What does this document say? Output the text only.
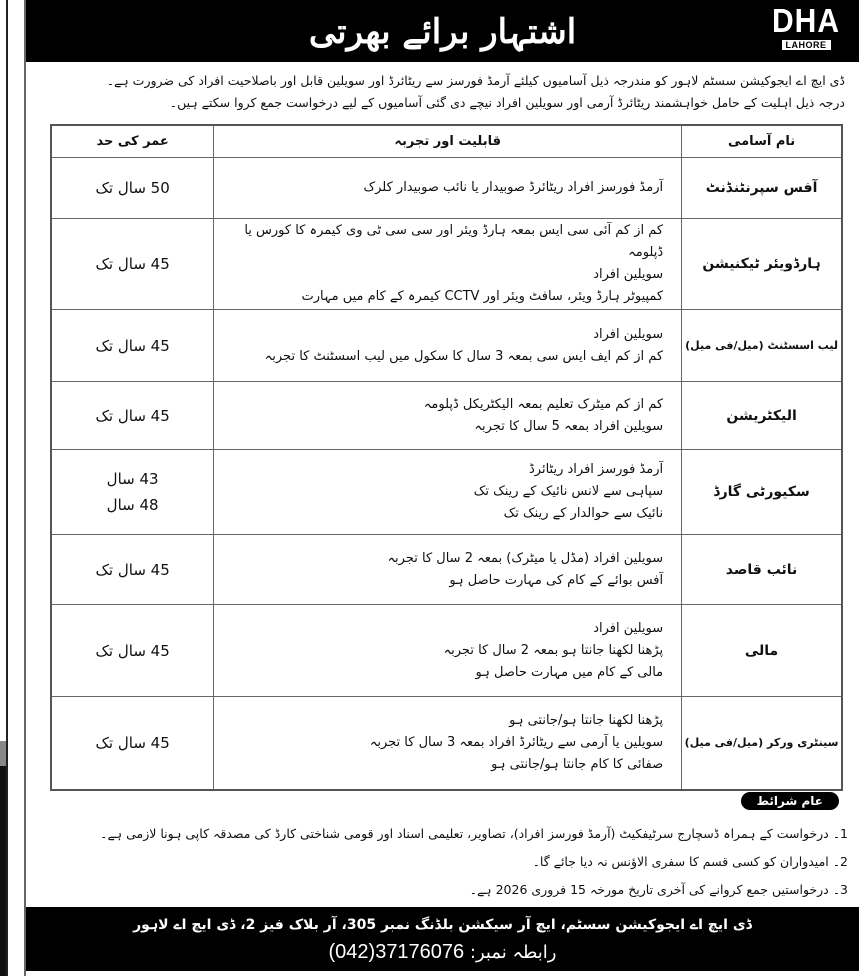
اشتہار برائے بھرتی	DHA
LAHORE

ڈی ایچ اے ایجوکیشن سسٹم لاہور کو مندرجہ ذیل آسامیوں کیلئے آرمڈ فورسز سے ریٹائرڈ اور سویلین قابل اور باصلاحیت افراد کی ضرورت ہے۔

درجہ ذیل اہلیت کے حامل خواہشمند ریٹائرڈ آرمی اور سویلین افراد نیچے دی گئی آسامیوں کے لیے درخواست جمع کروا سکتے ہیں۔

نام آسامی	قابلیت اور تجربہ	عمر کی حد
آفس سپرنٹنڈنٹ	آرمڈ فورسز افراد ریٹائرڈ صوبیدار یا نائب صوبیدار کلرک	50 سال تک

ہارڈویئر ٹیکنیشن	کم از کم آئی سی ایس بمعہ ہارڈ ویئر اور سی سی ٹی وی کیمرہ کا کورس یا ڈپلومہ
سویلین افراد
کمپیوٹر ہارڈ ویئر، سافٹ ویئر اور CCTV کیمرہ کے کام میں مہارت	45 سال تک

لیب اسسٹنٹ (میل/فی میل)	سویلین افراد
کم از کم ایف ایس سی بمعہ 3 سال کا سکول میں لیب اسسٹنٹ کا تجربہ	45 سال تک

الیکٹریشن	کم از کم میٹرک تعلیم بمعہ الیکٹریکل ڈپلومہ
سویلین افراد بمعہ 5 سال کا تجربہ	45 سال تک

سکیورٹی گارڈ	آرمڈ فورسز افراد ریٹائرڈ
سپاہی سے لانس نائیک کے رینک تک
نائیک سے حوالدار کے رینک تک	43 سال
48 سال

نائب قاصد	سویلین افراد (مڈل یا میٹرک) بمعہ 2 سال کا تجربہ
آفس بوائے کے کام کی مہارت حاصل ہو	45 سال تک

مالی	سویلین افراد
پڑھنا لکھنا جانتا ہو بمعہ 2 سال کا تجربہ
مالی کے کام میں مہارت حاصل ہو	45 سال تک

سینٹری ورکر (میل/فی میل)	پڑھنا لکھنا جانتا ہو/جانتی ہو
سویلین یا آرمی سے ریٹائرڈ افراد بمعہ 3 سال کا تجربہ
صفائی کا کام جانتا ہو/جانتی ہو	45 سال تک
عام شرائط
1۔ درخواست کے ہمراہ ڈسچارج سرٹیفکیٹ (آرمڈ فورسز افراد)، تصاویر، تعلیمی اسناد اور قومی شناختی کارڈ کی مصدقہ کاپی ہونا لازمی ہے۔
2۔ امیدواران کو کسی قسم کا سفری الاؤنس نہ دیا جائے گا۔
3۔ درخواستیں جمع کروانے کی آخری تاریخ مورخہ 15 فروری 2026 ہے۔
ڈی ایچ اے ایجوکیشن سسٹم، ایچ آر سیکشن بلڈنگ نمبر 305، آر بلاک فیز 2، ڈی ایچ اے لاہور
رابطہ نمبر: (042)37176076
